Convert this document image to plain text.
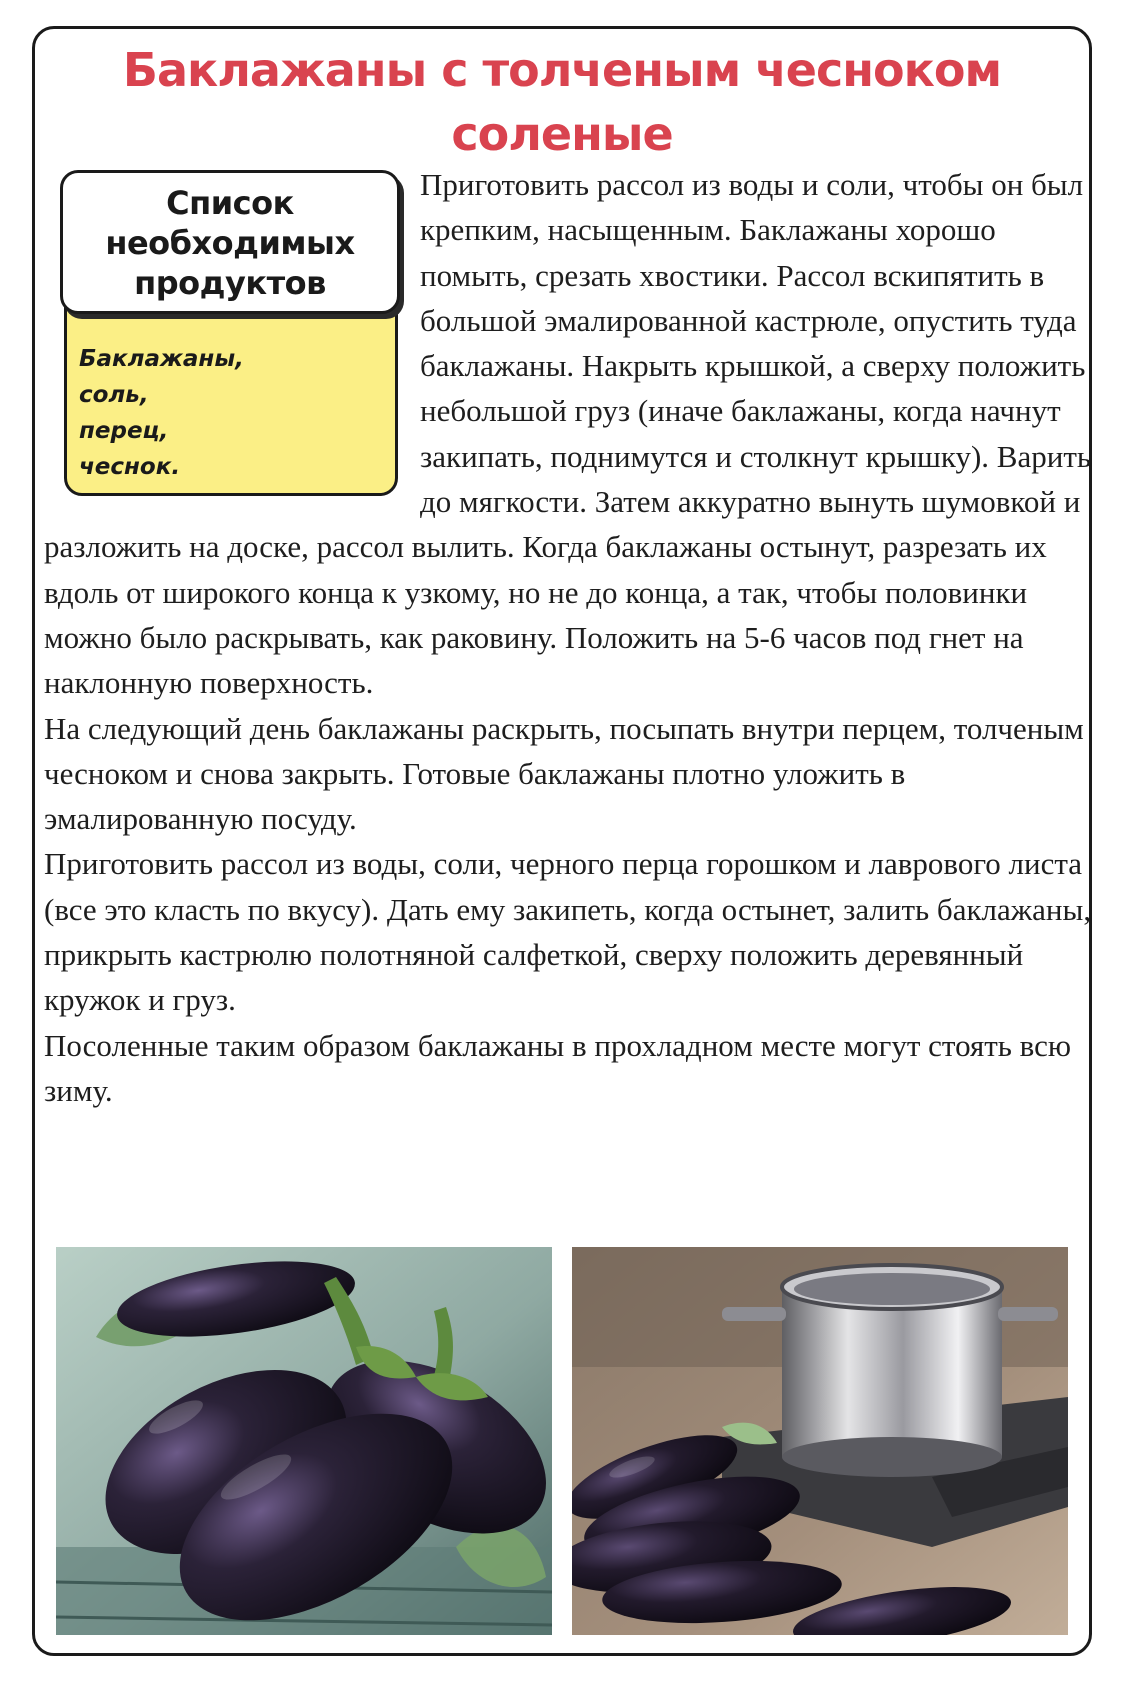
Баклажаны с толченым чесноком
соленые

Баклажаны,

соль,

перец,

чеснок.

Список
необходимых
продуктов

Приготовить рассол из воды и соли, чтобы он был крепким, насыщенным. Баклажаны хорошо помыть, срезать хвостики. Рассол вскипятить в большой эмалированной кастрюле, опустить туда баклажаны. Накрыть крышкой, а сверху положить небольшой груз (иначе баклажаны, когда начнут закипать, поднимутся и столкнут крышку). Варить до мягкости. Затем аккуратно вынуть шумовкой и разложить на доске, рассол вылить. Когда баклажаны остынут, разрезать их вдоль от широкого конца к узкому, но не до конца, а так, чтобы половинки можно было раскрывать, как раковину. Положить на 5-6 часов под гнет на наклонную поверхность.

На следующий день баклажаны раскрыть, посыпать внутри перцем, толченым чесноком и снова закрыть. Готовые баклажаны плотно уложить в эмалированную посуду.

Приготовить рассол из воды, соли, черного перца горошком и лаврового листа (все это класть по вкусу). Дать ему закипеть, когда остынет, залить баклажаны, прикрыть кастрюлю полотняной салфеткой, сверху положить деревянный кружок и груз.

Посоленные таким образом баклажаны в прохладном месте могут стоять всю зиму.
